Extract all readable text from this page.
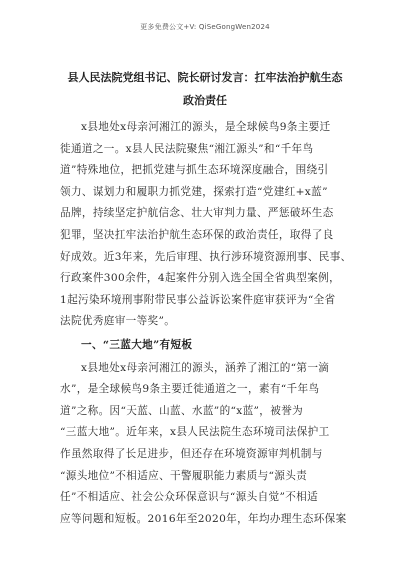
更多免费公文+V: QiSeGongWen2024
县人民法院党组书记、院长研讨发言：扛牢法治护航生态
政治责任
x县地处x母亲河湘江的源头，是全球候鸟9条主要迁
徙通道之一。x县人民法院聚焦“湘江源头”和“千年鸟
道”特殊地位，把抓党建与抓生态环境深度融合，围绕引
领力、谋划力和履职力抓党建，探索打造“党建红+x蓝”
品牌，持续坚定护航信念、壮大审判力量、严惩破坏生态
犯罪，坚决扛牢法治护航生态环保的政治责任，取得了良
好成效。近3年来，先后审理、执行涉环境资源刑事、民事、
行政案件300余件，4起案件分别入选全国全省典型案例，
1起污染环境刑事附带民事公益诉讼案件庭审获评为“全省
法院优秀庭审一等奖”。
一、“三蓝大地”有短板
x县地处x母亲河湘江的源头，涵养了湘江的“第一滴
水”，是全球候鸟9条主要迁徙通道之一，素有“千年鸟
道”之称。因“天蓝、山蓝、水蓝”的“x蓝”，被誉为
“三蓝大地”。近年来，x县人民法院生态环境司法保护工
作虽然取得了长足进步，但还存在环境资源审判机制与
“源头地位”不相适应、干警履职能力素质与“源头责
任”不相适应、社会公众环保意识与“源头自觉”不相适
应等问题和短板。2016年至2020年，年均办理生态环保案
